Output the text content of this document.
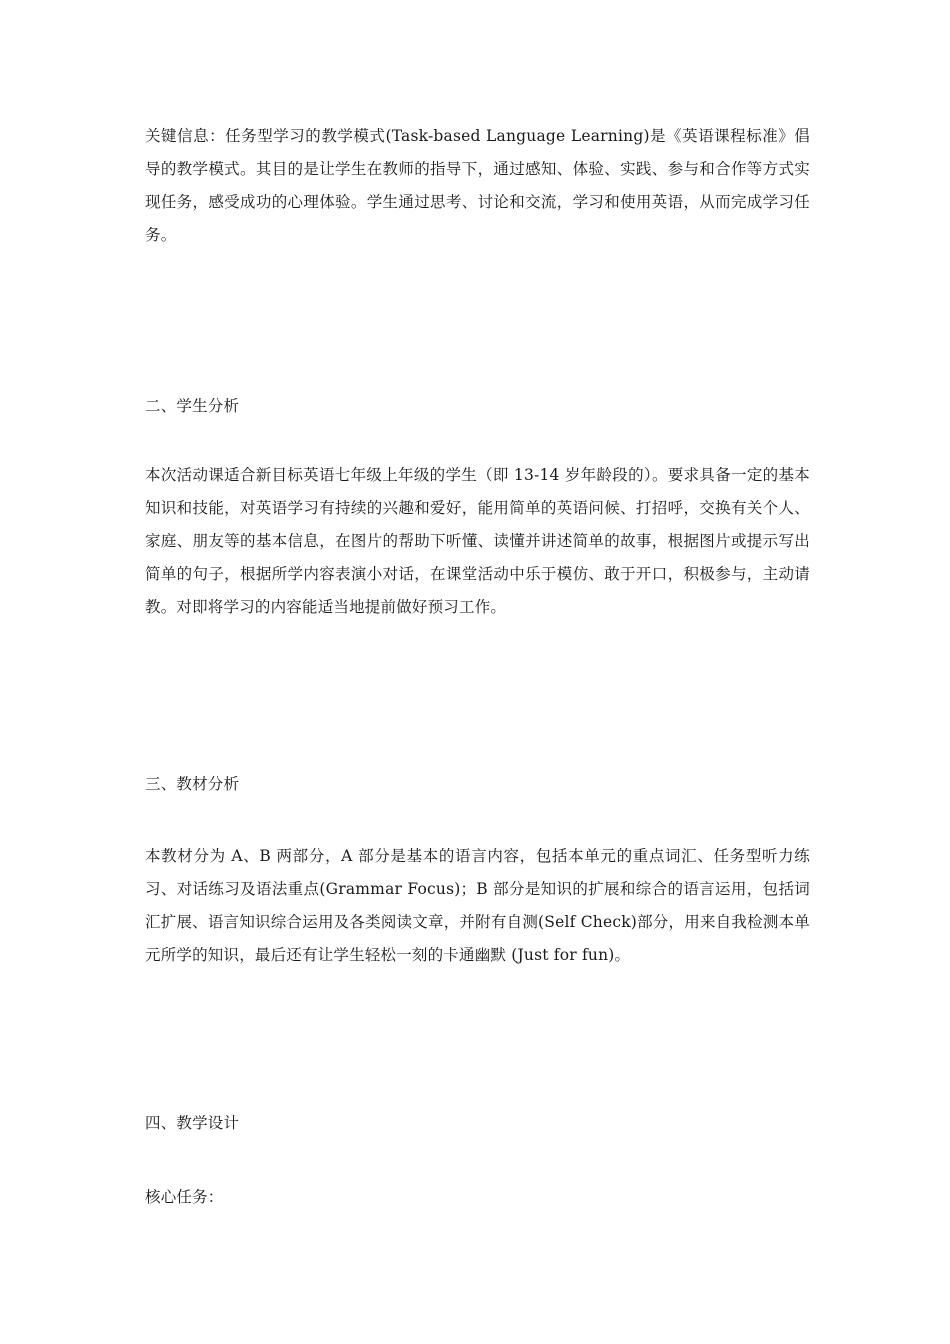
关键信息：任务型学习的教学模式(Task-based Language Learning)是《英语课程标准》倡导的教学模式。其目的是让学生在教师的指导下，通过感知、体验、实践、参与和合作等方式实现任务，感受成功的心理体验。学生通过思考、讨论和交流，学习和使用英语，从而完成学习任务。

二、学生分析

本次活动课适合新目标英语七年级上年级的学生（即 13-14 岁年龄段的）。要求具备一定的基本知识和技能，对英语学习有持续的兴趣和爱好，能用简单的英语问候、打招呼，交换有关个人、家庭、朋友等的基本信息，在图片的帮助下听懂、读懂并讲述简单的故事，根据图片或提示写出简单的句子，根据所学内容表演小对话，在课堂活动中乐于模仿、敢于开口，积极参与，主动请教。对即将学习的内容能适当地提前做好预习工作。

三、教材分析

本教材分为 A、B 两部分，A 部分是基本的语言内容，包括本单元的重点词汇、任务型听力练习、对话练习及语法重点(Grammar Focus)；B 部分是知识的扩展和综合的语言运用，包括词汇扩展、语言知识综合运用及各类阅读文章，并附有自测(Self Check)部分，用来自我检测本单元所学的知识，最后还有让学生轻松一刻的卡通幽默 (Just for fun)。

四、教学设计

核心任务：
